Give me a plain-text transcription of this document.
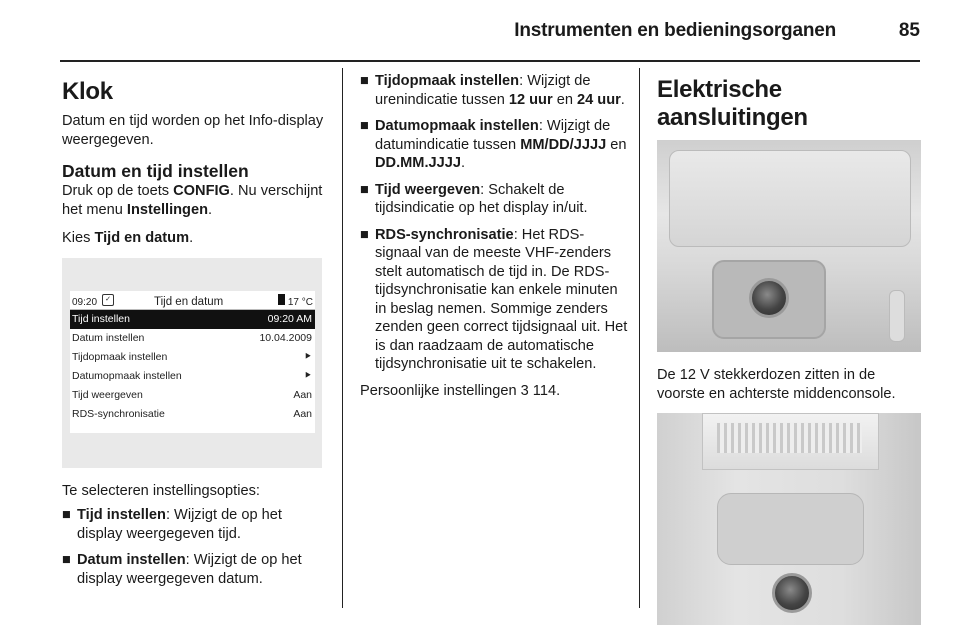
Instrumenten en bedieningsorganen	85
Klok

Datum en tijd worden op het Info-display weergegeven.

Datum en tijd instellen

Druk op de toets CONFIG. Nu verschijnt het menu Instellingen.

Kies Tijd en datum.

09:20	✓	Tijd en datum	17 °C
Tijd instellen	09:20 AM
Datum instellen	10.04.2009
Tijdopmaak instellen	⯈
Datumopmaak instellen	⯈
Tijd weergeven	Aan
RDS-synchronisatie	Aan

Te selecteren instellingsopties:

■ Tijd instellen: Wijzigt de op het display weergegeven tijd.
■ Datum instellen: Wijzigt de op het display weergegeven datum.
■ Tijdopmaak instellen: Wijzigt de urenindicatie tussen 12 uur en 24 uur.
■ Datumopmaak instellen: Wijzigt de datumindicatie tussen MM/DD/JJJJ en DD.MM.JJJJ.
■ Tijd weergeven: Schakelt de tijdsindicatie op het display in/uit.
■ RDS-synchronisatie: Het RDS-signaal van de meeste VHF-zenders stelt automatisch de tijd in. De RDS-tijdsynchronisatie kan enkele minuten in beslag nemen. Sommige zenders zenden geen correct tijdsignaal uit. Het is dan raadzaam de automatische tijdsynchronisatie uit te schakelen.

Persoonlijke instellingen 3 114.

Elektrische aansluitingen

De 12 V stekkerdozen zitten in de voorste en achterste middenconsole.
